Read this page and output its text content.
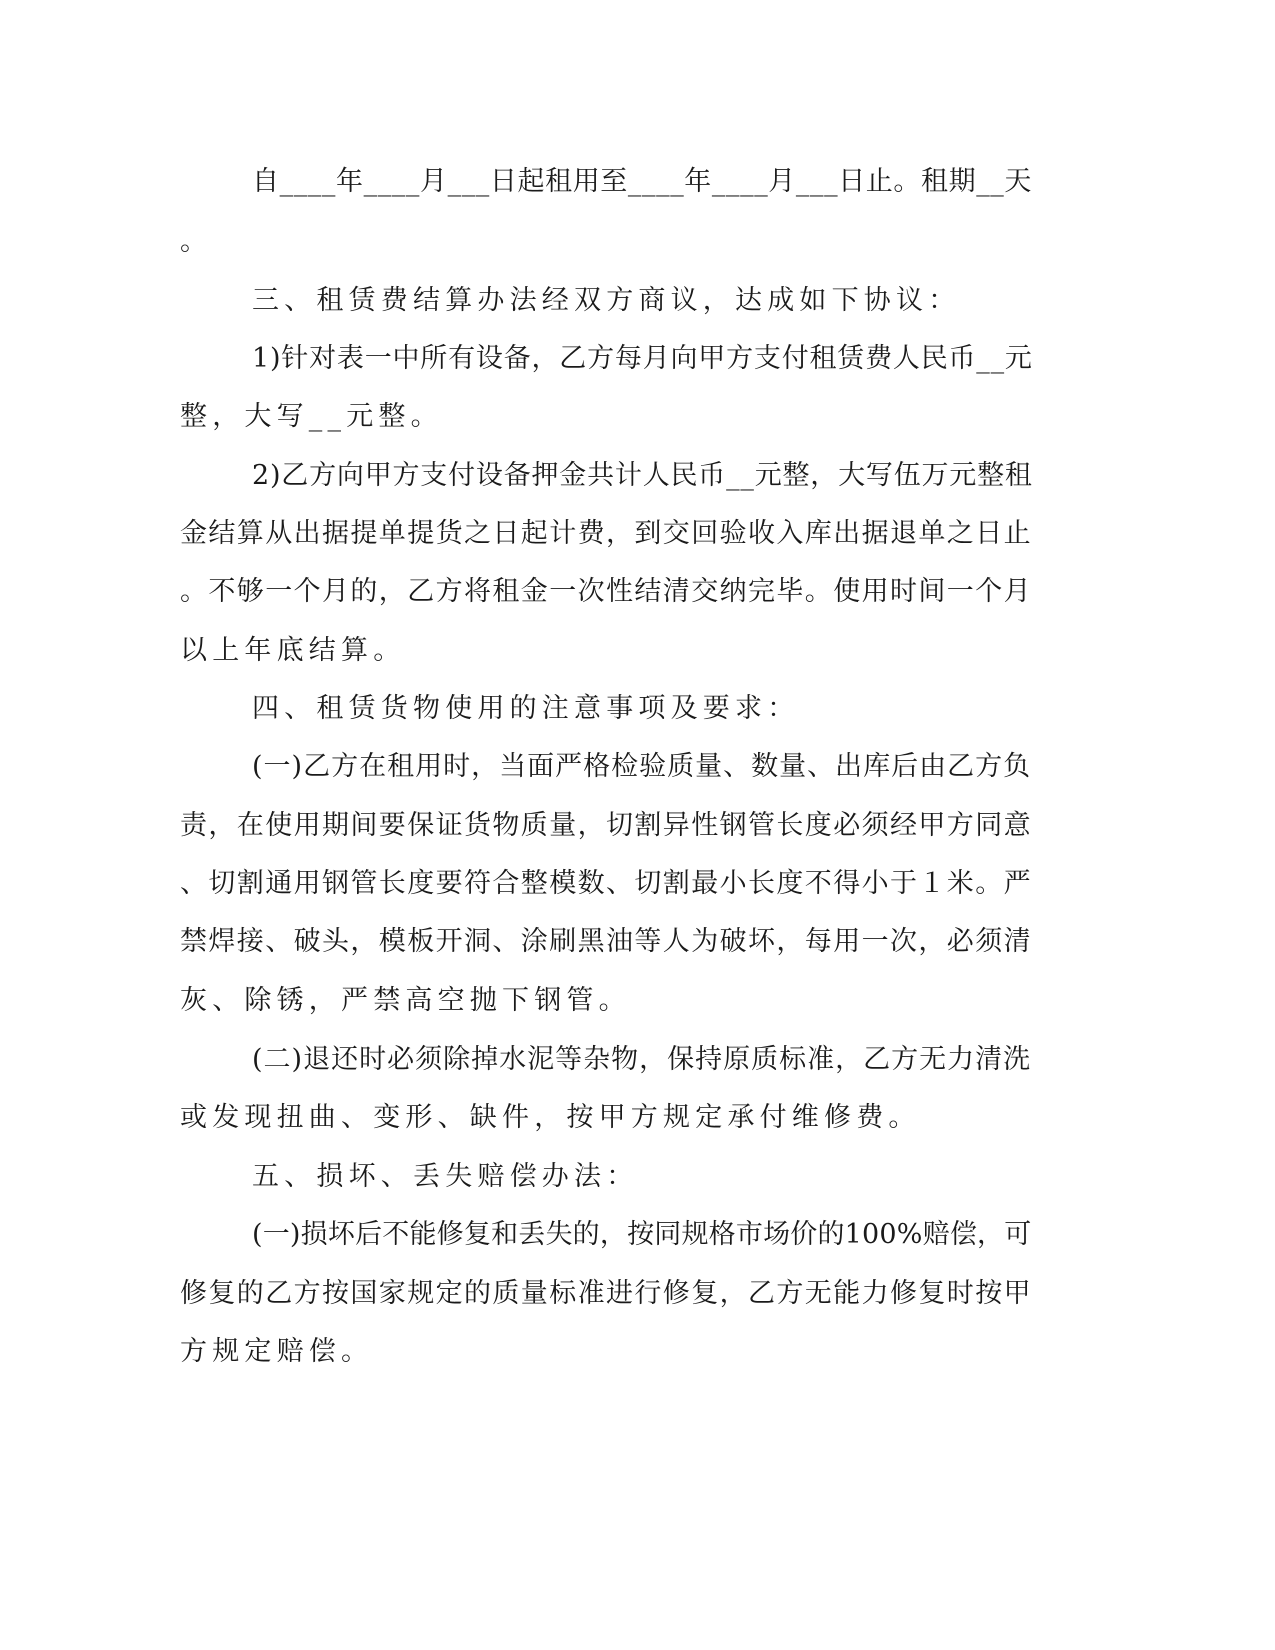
自____年____月___日起租用至____年____月___日止。租期__天
。
三、租赁费结算办法经双方商议，达成如下协议：
1)针对表一中所有设备，乙方每月向甲方支付租赁费人民币__元
整，大写__元整。
2)乙方向甲方支付设备押金共计人民币__元整，大写伍万元整租
金结算从出据提单提货之日起计费，到交回验收入库出据退单之日止
。不够一个月的，乙方将租金一次性结清交纳完毕。使用时间一个月
以上年底结算。
四、租赁货物使用的注意事项及要求：
(一)乙方在租用时，当面严格检验质量、数量、出库后由乙方负
责，在使用期间要保证货物质量，切割异性钢管长度必须经甲方同意
、切割通用钢管长度要符合整模数、切割最小长度不得小于１米。严
禁焊接、破头，模板开洞、涂刷黑油等人为破坏，每用一次，必须清
灰、除锈，严禁高空抛下钢管。
(二)退还时必须除掉水泥等杂物，保持原质标准，乙方无力清洗
或发现扭曲、变形、缺件，按甲方规定承付维修费。
五、损坏、丢失赔偿办法：
(一)损坏后不能修复和丢失的，按同规格市场价的100%赔偿，可
修复的乙方按国家规定的质量标准进行修复，乙方无能力修复时按甲
方规定赔偿。
